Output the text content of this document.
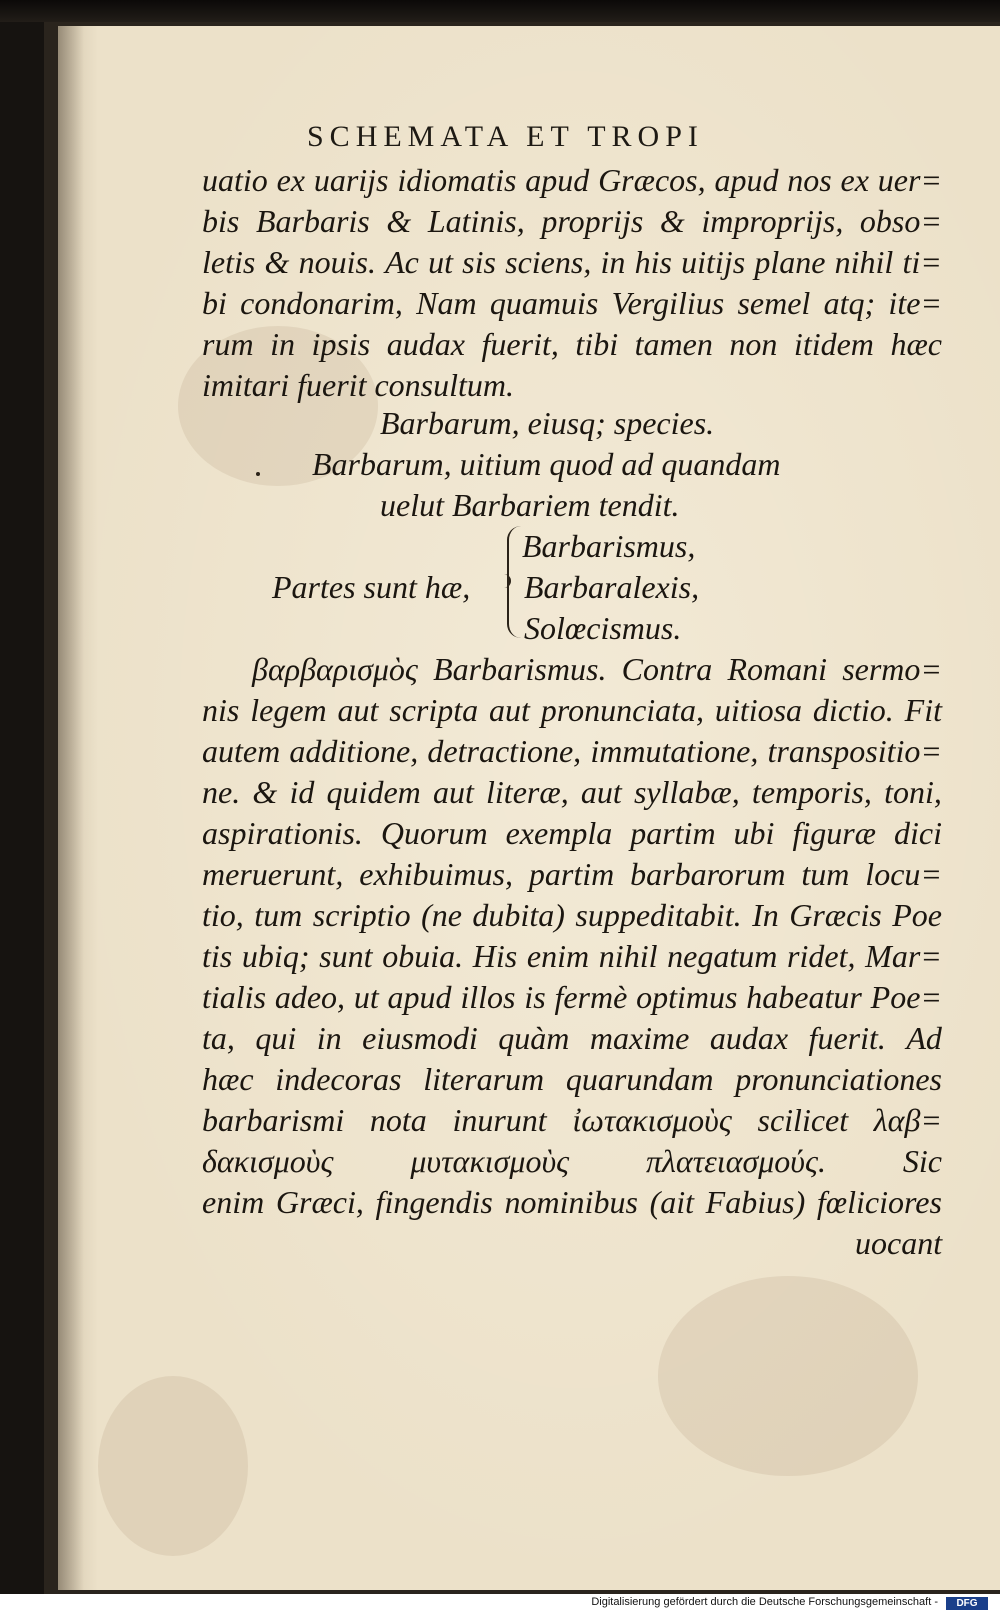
SCHEMATA ET TROPI
uatio ex uarijs idiomatis apud Græcos, apud nos ex uer=
bis Barbaris & Latinis, proprijs & improprijs, obso=
letis & nouis. Ac ut sis sciens, in his uitijs plane nihil ti=
bi condonarim, Nam quamuis Vergilius semel atq; ite=
rum in ipsis audax fuerit, tibi tamen non itidem hæc
imitari fuerit consultum.
Barbarum, eiusq; species.
Barbarum, uitium quod ad quandam
uelut Barbariem tendit.
Partes sunt hæ,
Barbarismus,
Barbaralexis,
Solœcismus.
βαρβαρισμὸς Barbarismus. Contra Romani sermo=
nis legem aut scripta aut pronunciata, uitiosa dictio. Fit
autem additione, detractione, immutatione, transpositio=
ne. & id quidem aut literæ, aut syllabæ, temporis, toni,
aspirationis. Quorum exempla partim ubi figuræ dici
meruerunt, exhibuimus, partim barbarorum tum locu=
tio, tum scriptio (ne dubita) suppeditabit. In Græcis Poe
tis ubiq; sunt obuia. His enim nihil negatum ridet, Mar=
tialis adeo, ut apud illos is fermè optimus habeatur Poe=
ta, qui in eiusmodi quàm maxime audax fuerit. Ad
hæc indecoras literarum quarundam pronunciationes
barbarismi nota inurunt ἰωτακισμοὺς scilicet λαβ=
δακισμοὺς μυτακισμοὺς πλατειασμούς. Sic
enim Græci, fingendis nominibus (ait Fabius) fœliciores
uocant
Digitalisierung gefördert durch die Deutsche Forschungsgemeinschaft -	DFG
